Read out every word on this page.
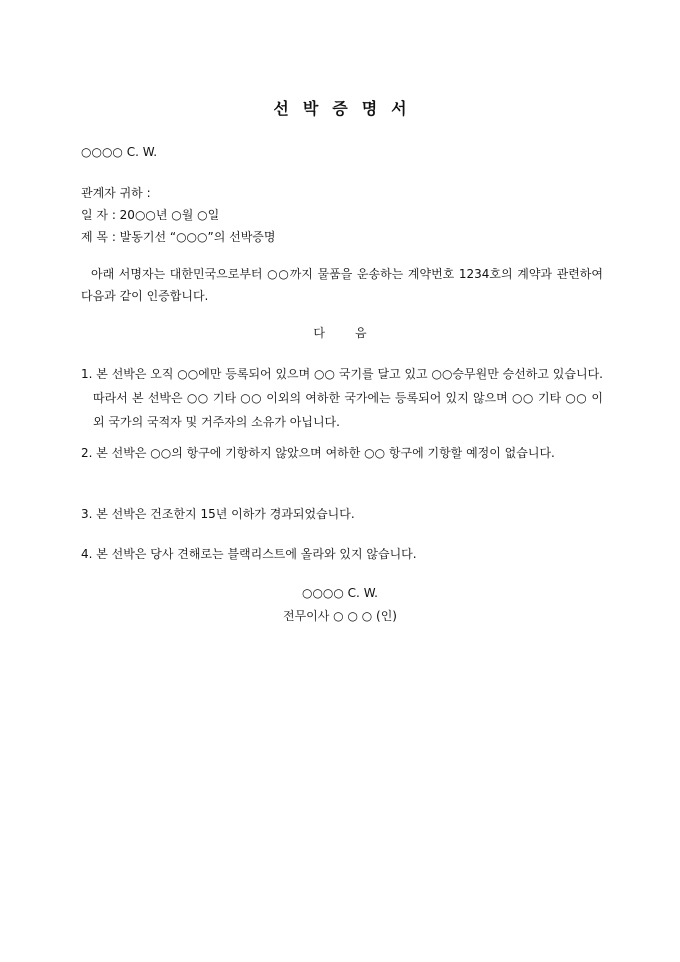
선박증명서
○○○○ C. W.
관계자 귀하 :
일 자 : 20○○년 ○월 ○일
제 목 : 발동기선 “○○○”의 선박증명
아래 서명자는 대한민국으로부터 ○○까지 물품을 운송하는 계약번호 1234호의 계약과 관련하여 다음과 같이 인증합니다.
다음
1. 본 선박은 오직 ○○에만 등록되어 있으며 ○○ 국기를 달고 있고 ○○승무원만 승선하고 있습니다. 따라서 본 선박은 ○○ 기타 ○○ 이외의 여하한 국가에는 등록되어 있지 않으며 ○○ 기타 ○○ 이외 국가의 국적자 및 거주자의 소유가 아닙니다.
2. 본 선박은 ○○의 항구에 기항하지 않았으며 여하한 ○○ 항구에 기항할 예정이 없습니다.
3. 본 선박은 건조한지 15년 이하가 경과되었습니다.
4. 본 선박은 당사 견해로는 블랙리스트에 올라와 있지 않습니다.
○○○○ C. W.
전무이사 ○ ○ ○ (인)
